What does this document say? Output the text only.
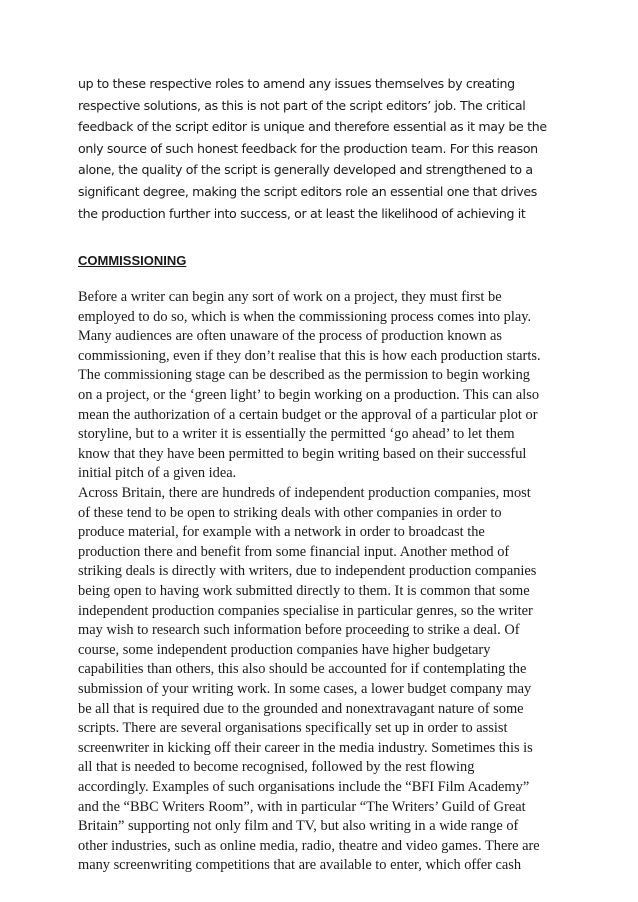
up to these respective roles to amend any issues themselves by creating
respective solutions, as this is not part of the script editors’ job. The critical
feedback of the script editor is unique and therefore essential as it may be the
only source of such honest feedback for the production team. For this reason
alone, the quality of the script is generally developed and strengthened to a
significant degree, making the script editors role an essential one that drives
the production further into success, or at least the likelihood of achieving it
COMMISSIONING
Before a writer can begin any sort of work on a project, they must first be
employed to do so, which is when the commissioning process comes into play.
Many audiences are often unaware of the process of production known as
commissioning, even if they don’t realise that this is how each production starts.
The commissioning stage can be described as the permission to begin working
on a project, or the ‘green light’ to begin working on a production. This can also
mean the authorization of a certain budget or the approval of a particular plot or
storyline, but to a writer it is essentially the permitted ‘go ahead’ to let them
know that they have been permitted to begin writing based on their successful
initial pitch of a given idea.
Across Britain, there are hundreds of independent production companies, most
of these tend to be open to striking deals with other companies in order to
produce material, for example with a network in order to broadcast the
production there and benefit from some financial input. Another method of
striking deals is directly with writers, due to independent production companies
being open to having work submitted directly to them. It is common that some
independent production companies specialise in particular genres, so the writer
may wish to research such information before proceeding to strike a deal. Of
course, some independent production companies have higher budgetary
capabilities than others, this also should be accounted for if contemplating the
submission of your writing work. In some cases, a lower budget company may
be all that is required due to the grounded and nonextravagant nature of some
scripts. There are several organisations specifically set up in order to assist
screenwriter in kicking off their career in the media industry. Sometimes this is
all that is needed to become recognised, followed by the rest flowing
accordingly. Examples of such organisations include the “BFI Film Academy”
and the “BBC Writers Room”, with in particular “The Writers’ Guild of Great
Britain” supporting not only film and TV, but also writing in a wide range of
other industries, such as online media, radio, theatre and video games. There are
many screenwriting competitions that are available to enter, which offer cash
